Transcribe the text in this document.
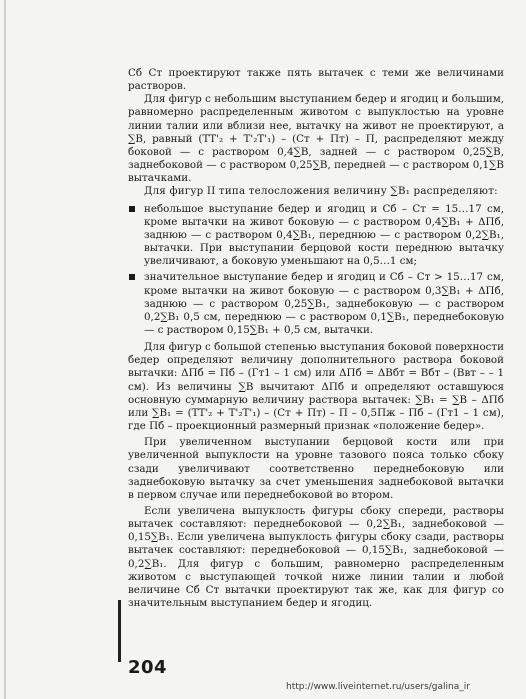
Cб Cт проектируют также пять вытачек с теми же величинами растворов.

Для фигур с небольшим выступанием бедер и ягодиц и большим, равномерно распределенным животом с выпуклостью на уровне линии талии или вблизи нее, вытачку на живот не проектируют, а ∑B, равный (ТТ'₂ + Т'₂Т'₁) – (Cт + Пт) – П, распределяют между боковой — с раствором 0,4∑B, задней — с раствором 0,25∑B, заднебоковой — с раствором 0,25∑B, передней — с раствором 0,1∑B вытачками.

Для фигур II типа телосложения величину ∑B₁ распределяют:

небольшое выступание бедер и ягодиц и Cб – Cт = 15…17 см, кроме вытачки на живот боковую — с раствором 0,4∑B₁ + ΔПб, заднюю — с раствором 0,4∑B₁, переднюю — с раствором 0,2∑B₁, вытачки. При выступании берцовой кости переднюю вытачку увеличивают, а боковую уменьшают на 0,5…1 см;
значительное выступание бедер и ягодиц и Cб – Cт > 15…17 см, кроме вытачки на живот боковую — с раствором 0,3∑B₁ + ΔПб, заднюю — с раствором 0,25∑B₁, заднебоковую — с раствором 0,2∑B₁ 0,5 см, переднюю — с раствором 0,1∑B₁, переднебоковую — с раствором 0,15∑B₁ + 0,5 см, вытачки.

Для фигур с большой степенью выступания боковой поверхности бедер определяют величину дополнительного раствора боковой вытачки: ΔПб = Пб – (Гт1 – 1 см) или ΔПб = ΔBбт = Bбт – (Bвт – – 1 см). Из величины ∑B вычитают ΔПб и определяют оставшуюся основную суммарную величину раствора вытачек: ∑B₁ = ∑B – ΔПб или ∑B₁ = (ТТ'₂ + Т'₂Т'₁) – (Cт + Пт) – П – 0,5Пж – Пб – (Гт1 – 1 см), где Пб – проекционный размерный признак «положение бедер».

При увеличенном выступании берцовой кости или при увеличенной выпуклости на уровне тазового пояса только сбоку сзади увеличивают соответственно переднебоковую или заднебоковую вытачку за счет уменьшения заднебоковой вытачки в первом случае или переднебоковой во втором.

Если увеличена выпуклость фигуры сбоку спереди, растворы вытачек составляют: переднебоковой — 0,2∑B₁, заднебоковой — 0,15∑B₁. Если увеличена выпуклость фигуры сбоку сзади, растворы вытачек составляют: переднебоковой — 0,15∑B₁, заднебоковой — 0,2∑B₁. Для фигур с большим, равномерно распределенным животом с выступающей точкой ниже линии талии и любой величине Cб Cт вытачки проектируют так же, как для фигур со значительным выступанием бедер и ягодиц.

204
http://www.liveinternet.ru/users/galina_ir
